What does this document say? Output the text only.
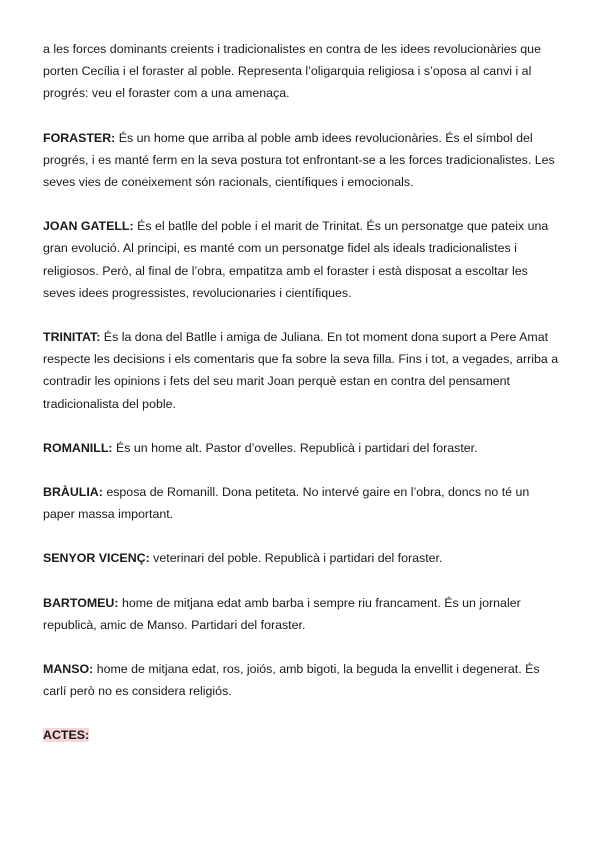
a les forces dominants creients i tradicionalistes en contra de les idees revolucionàries que porten Cecília i el foraster al poble. Representa l’oligarquia religiosa i s’oposa al canvi i al progrés: veu el foraster com a una amenaça.

FORASTER: És un home que arriba al poble amb idees revolucionàries. És el símbol del progrés, i es manté ferm en la seva postura tot enfrontant-se a les forces tradicionalistes. Les seves vies de coneixement són racionals, científiques i emocionals.

JOAN GATELL: És el batlle del poble i el marit de Trinitat. És un personatge que pateix una gran evolució. Al principi, es manté com un personatge fidel als ideals tradicionalistes i religiosos. Però, al final de l’obra, empatitza amb el foraster i està disposat a escoltar les seves idees progressistes, revolucionaries i científiques.

TRINITAT: És la dona del Batlle i amiga de Juliana. En tot moment dona suport a Pere Amat respecte les decisions i els comentaris que fa sobre la seva filla. Fins i tot, a vegades, arriba a contradir les opinions i fets del seu marit Joan perquè estan en contra del pensament tradicionalista del poble.

ROMANILL: És un home alt. Pastor d’ovelles. Republicà i partidari del foraster.

BRÀULIA: esposa de Romanill. Dona petiteta. No intervé gaire en l’obra, doncs no té un paper massa important.

SENYOR VICENÇ: veterinari del poble. Republicà i partidari del foraster.

BARTOMEU: home de mitjana edat amb barba i sempre riu francament. És un jornaler republicà, amic de Manso. Partidari del foraster.

MANSO: home de mitjana edat, ros, joiós, amb bigoti, la beguda la envellit i degenerat. És carlí però no es considera religiós.

ACTES:
